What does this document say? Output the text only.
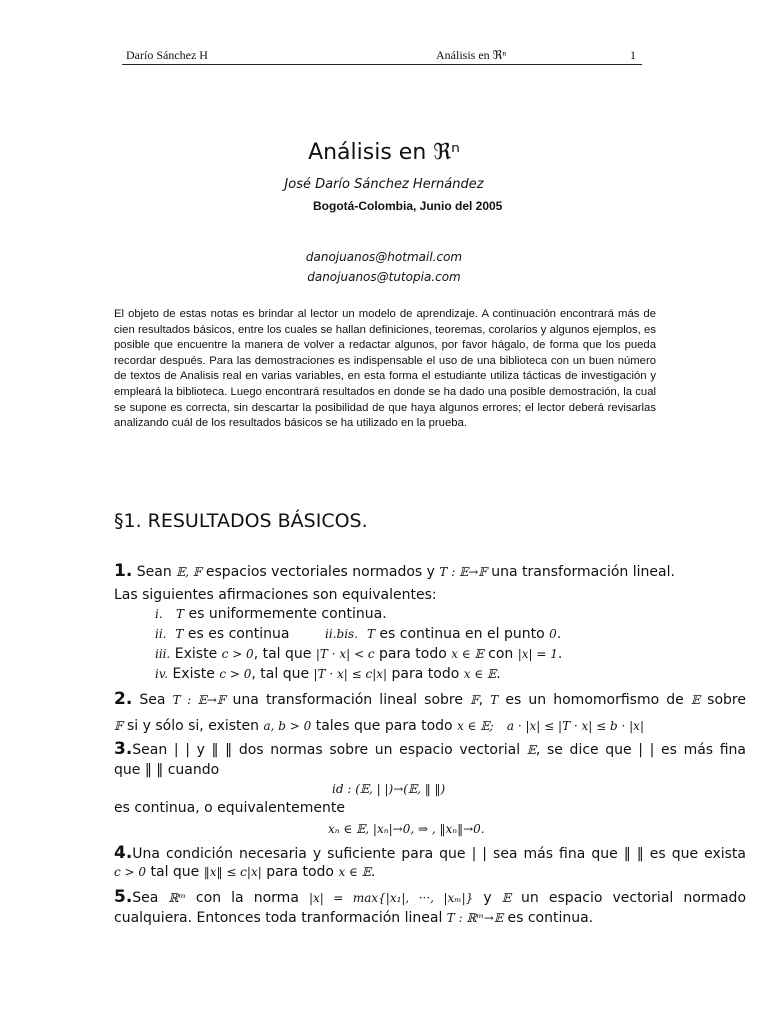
Darío Sánchez H	Análisis en ℜⁿ	1
Análisis en ℜⁿ
José Darío Sánchez Hernández
Bogotá-Colombia, Junio del 2005
danojuanos@hotmail.com
danojuanos@tutopia.com
El objeto de estas notas es brindar al lector un modelo de aprendizaje. A continuación encontrará más de cien resultados básicos, entre los cuales se hallan definiciones, teoremas, corolarios y algunos ejemplos, es posible que encuentre la manera de volver a redactar algunos, por favor hágalo, de forma que los pueda recordar después. Para las demostraciones es indispensable el uso de una biblioteca con un buen número de textos de Analisis real en varias variables, en esta forma el estudiante utiliza tácticas de investigación y empleará la biblioteca. Luego encontrará resultados en donde se ha dado una posible demostración, la cual se supone es correcta, sin descartar la posibilidad de que haya algunos errores; el lector deberá revisarlas analizando cuál de los resultados básicos se ha utilizado en la prueba.
§1. RESULTADOS BÁSICOS.
1. Sean 𝔼, 𝔽 espacios vectoriales normados y T : 𝔼→𝔽 una transformación lineal.
Las siguientes afirmaciones son equivalentes:
i. T es uniformemente continua.
ii. T es es continua	ii.bis. T es continua en el punto 0.
iii. Existe c > 0, tal que |T · x| < c para todo x ∈ 𝔼 con |x| = 1.
iv. Existe c > 0, tal que |T · x| ≤ c|x| para todo x ∈ 𝔼.
2. Sea T : 𝔼→𝔽 una transformación lineal sobre 𝔽, T es un homomorfismo de 𝔼 sobre
𝔽 si y sólo si, existen a, b > 0 tales que para todo x ∈ 𝔼; a · |x| ≤ |T · x| ≤ b · |x|
3.Sean | | y ‖ ‖ dos normas sobre un espacio vectorial 𝔼, se dice que | | es más fina
que ‖ ‖ cuando
id : (𝔼, | |)→(𝔼, ‖ ‖)
es continua, o equivalentemente
xₙ ∈ 𝔼, |xₙ|→0, ⇒ , ‖xₙ‖→0.
4.Una condición necesaria y suficiente para que | | sea más fina que ‖ ‖ es que exista
c > 0 tal que ‖x‖ ≤ c|x| para todo x ∈ 𝔼.
5.Sea ℝᵐ con la norma |x| = max{|x₁|, ···, |xₘ|} y 𝔼 un espacio vectorial normado
cualquiera. Entonces toda tranformación lineal T : ℝᵐ→𝔼 es continua.
